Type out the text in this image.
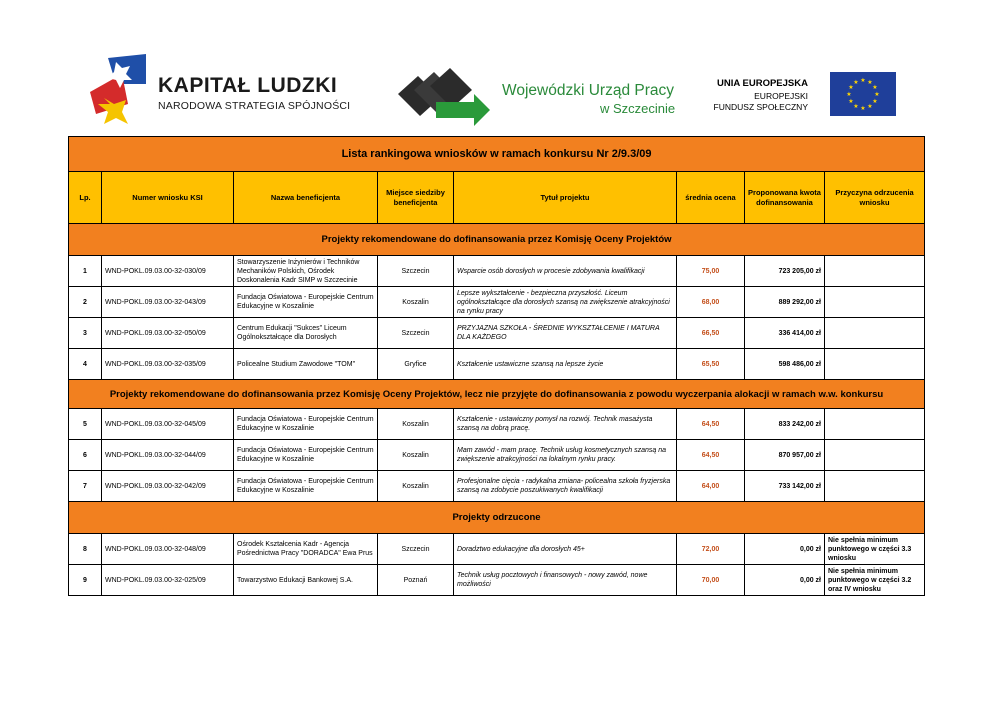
KAPITAŁ LUDZKI
NARODOWA STRATEGIA SPÓJNOŚCI
Wojewódzki Urząd Pracy
w Szczecinie
UNIA EUROPEJSKA
EUROPEJSKI
FUNDUSZ SPOŁECZNY
★ ★
★
★
★
★
★
★
★
★
★
★
Lista rankingowa wniosków w ramach konkursu Nr 2/9.3/09							
Lp.	Numer wniosku KSI	Nazwa beneficjenta	Miejsce siedziby beneficjenta	Tytuł projektu	średnia ocena	Proponowana kwota dofinansowania	Przyczyna odrzucenia wniosku
Projekty rekomendowane do dofinansowania przez Komisję Oceny Projektów							
1	WND-POKL.09.03.00-32-030/09	Stowarzyszenie Inżynierów i Techników Mechaników Polskich, Ośrodek Doskonalenia Kadr SIMP w Szczecinie	Szczecin	Wsparcie osób dorosłych w procesie zdobywania kwalifikacji	75,00	723 205,00 zł	
2	WND-POKL.09.03.00-32-043/09	Fundacja Oświatowa - Europejskie Centrum Edukacyjne w Koszalinie	Koszalin	Lepsze wykształcenie - bezpieczna przyszłość. Liceum ogólnokształcące dla dorosłych szansą na zwiększenie atrakcyjności na rynku pracy	68,00	889 292,00 zł	
3	WND-POKL.09.03.00-32-050/09	Centrum Edukacji "Sukces" Liceum Ogólnokształcące dla Dorosłych	Szczecin	PRZYJAZNA SZKOŁA - ŚREDNIE WYKSZTAŁCENIE I MATURA DLA KAŻDEGO	66,50	336 414,00 zł	
4	WND-POKL.09.03.00-32-035/09	Policealne Studium Zawodowe "TOM"	Gryfice	Kształcenie ustawiczne szansą na lepsze życie	65,50	598 486,00 zł	
Projekty rekomendowane do dofinansowania przez Komisję Oceny Projektów, lecz nie przyjęte do dofinansowania z powodu wyczerpania alokacji w ramach w.w. konkursu							
5	WND-POKL.09.03.00-32-045/09	Fundacja Oświatowa - Europejskie Centrum Edukacyjne w Koszalinie	Koszalin	Kształcenie - ustawiczny pomysł na rozwój. Technik masażysta szansą na dobrą pracę.	64,50	833 242,00 zł	
6	WND-POKL.09.03.00-32-044/09	Fundacja Oświatowa - Europejskie Centrum Edukacyjne w Koszalinie	Koszalin	Mam zawód - mam pracę. Technik usług kosmetycznych szansą na zwiększenie atrakcyjności na lokalnym rynku pracy.	64,50	870 957,00 zł	
7	WND-POKL.09.03.00-32-042/09	Fundacja Oświatowa - Europejskie Centrum Edukacyjne w Koszalinie	Koszalin	Profesjonalne cięcia - radykalna zmiana- policealna szkoła fryzjerska szansą na zdobycie poszukiwanych kwalifikacji	64,00	733 142,00 zł	
Projekty odrzucone							
8	WND-POKL.09.03.00-32-048/09	Ośrodek Kształcenia Kadr - Agencja Pośrednictwa Pracy "DORADCA" Ewa Prus	Szczecin	Doradztwo edukacyjne dla dorosłych 45+	72,00	0,00 zł	Nie spełnia minimum punktowego w części 3.3 wniosku
9	WND-POKL.09.03.00-32-025/09	Towarzystwo Edukacji Bankowej S.A.	Poznań	Technik usług pocztowych i finansowych - nowy zawód, nowe możliwości	70,00	0,00 zł	Nie spełnia minimum punktowego w części 3.2 oraz IV wniosku
